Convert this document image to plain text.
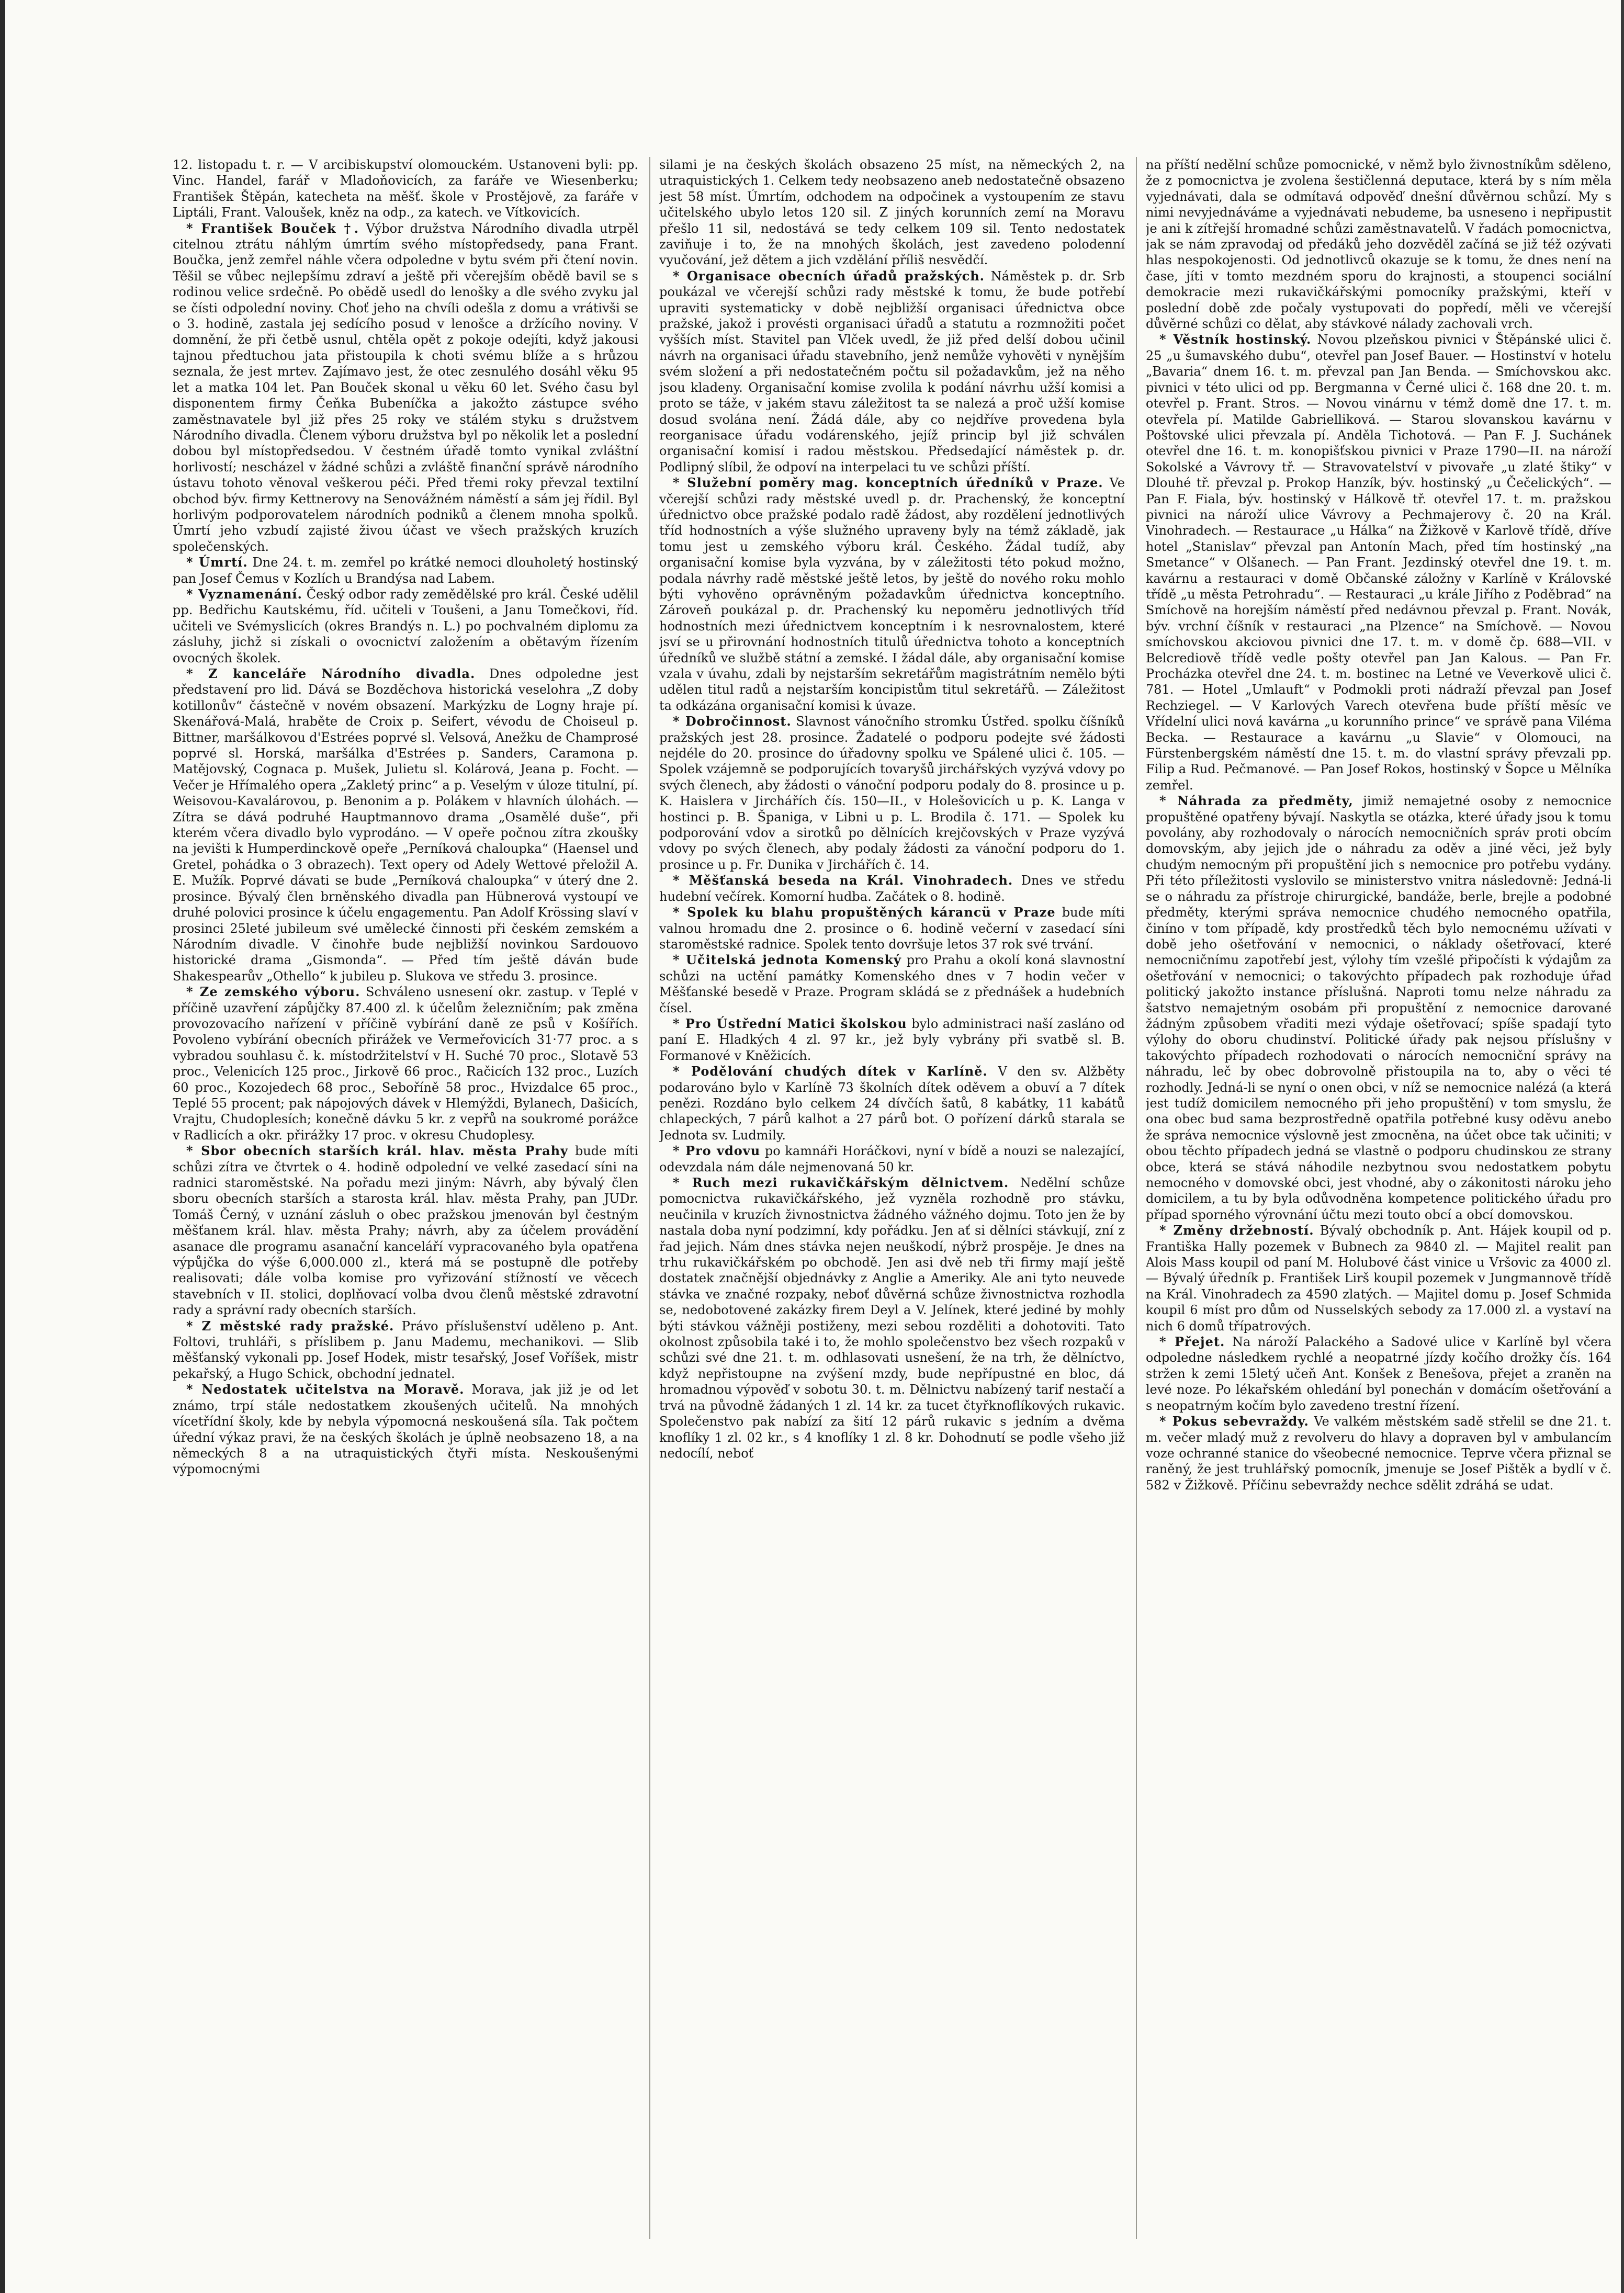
12. listopadu t. r. — V arcibiskupství olomouckém. Ustanoveni byli: pp. Vinc. Handel, farář v Mladoňovicích, za faráře ve Wiesenberku; František Štěpán, katecheta na měšť. škole v Prostějově, za faráře v Liptáli, Frant. Valoušek, kněz na odp., za katech. ve Vítkovicích.

* František Bouček †. Výbor družstva Národního divadla utrpěl citelnou ztrátu náhlým úmrtím svého místopředsedy, pana Frant. Boučka, jenž zemřel náhle včera odpoledne v bytu svém při čtení novin. Těšil se vůbec nejlepšímu zdraví a ještě při včerejším obědě bavil se s rodinou velice srdečně. Po obědě usedl do lenošky a dle svého zvyku jal se čísti odpolední noviny. Choť jeho na chvíli odešla z domu a vrátivši se o 3. hodině, zastala jej sedícího posud v lenošce a držícího noviny. V domnění, že při četbě usnul, chtěla opět z pokoje odejíti, když jakousi tajnou předtuchou jata přistoupila k choti svému blíže a s hrůzou seznala, že jest mrtev. Zajímavo jest, že otec zesnulého dosáhl věku 95 let a matka 104 let. Pan Bouček skonal u věku 60 let. Svého času byl disponentem firmy Čeňka Bubeníčka a jakožto zástupce svého zaměstnavatele byl již přes 25 roky ve stálém styku s družstvem Národního divadla. Členem výboru družstva byl po několik let a poslední dobou byl místopředsedou. V čestném úřadě tomto vynikal zvláštní horlivostí; nescházel v žádné schůzi a zvláště finanční správě národního ústavu tohoto věnoval veškerou péči. Před třemi roky převzal textilní obchod býv. firmy Kettnerovy na Senovážném náměstí a sám jej řídil. Byl horlivým podporovatelem národních podniků a členem mnoha spolků. Úmrtí jeho vzbudí zajisté živou účast ve všech pražských kruzích společenských.

* Úmrtí. Dne 24. t. m. zemřel po krátké nemoci dlouholetý hostinský pan Josef Čemus v Kozlích u Brandýsa nad Labem.

* Vyznamenání. Český odbor rady zemědělské pro král. České udělil pp. Bedřichu Kautskému, říd. učiteli v Toušeni, a Janu Tomečkovi, říd. učiteli ve Svémyslicích (okres Brandýs n. L.) po pochvalném diplomu za zásluhy, jichž si získali o ovocnictví založením a obětavým řízením ovocných školek.

* Z kanceláře Národního divadla. Dnes odpoledne jest představení pro lid. Dává se Bozděchova historická veselohra „Z doby kotillonův“ částečně v novém obsazení. Markýzku de Logny hraje pí. Skenářová-Malá, hraběte de Croix p. Seifert, vévodu de Choiseul p. Bittner, maršálkovou d'Estrées poprvé sl. Velsová, Anežku de Champrosé poprvé sl. Horská, maršálka d'Estrées p. Sanders, Caramona p. Matějovský, Cognaca p. Mušek, Julietu sl. Kolárová, Jeana p. Focht. — Večer je Hřímalého opera „Zakletý princ“ a p. Veselým v úloze titulní, pí. Weisovou-Kavalárovou, p. Benonim a p. Polákem v hlavních úlohách. — Zítra se dává podruhé Hauptmannovo drama „Osamělé duše“, při kterém včera divadlo bylo vyprodáno. — V opeře počnou zítra zkoušky na jevišti k Humperdinckově opeře „Perníková chaloupka“ (Haensel und Gretel, pohádka o 3 obrazech). Text opery od Adely Wettové přeložil A. E. Mužík. Poprvé dávati se bude „Perníková chaloupka“ v úterý dne 2. prosince. Bývalý člen brněnského divadla pan Hübnerová vystoupí ve druhé polovici prosince k účelu engagementu. Pan Adolf Krössing slaví v prosinci 25leté jubileum své umělecké činnosti při českém zemském a Národním divadle. V činohře bude nejbližší novinkou Sardouovo historické drama „Gismonda“. — Před tím ještě dáván bude Shakespearův „Othello“ k jubileu p. Slukova ve středu 3. prosince.

* Ze zemského výboru. Schváleno usnesení okr. zastup. v Teplé v příčině uzavření zápůjčky 87.400 zl. k účelům železničním; pak změna provozovacího nařízení v příčině vybírání daně ze psů v Košířích. Povoleno vybírání obecních přirážek ve Vermeřovicích 31·77 proc. a s vybradou souhlasu č. k. místodržitelství v H. Suché 70 proc., Slotavě 53 proc., Velenicích 125 proc., Jirkově 66 proc., Račicích 132 proc., Luzích 60 proc., Kozojedech 68 proc., Seboříně 58 proc., Hvizdalce 65 proc., Teplé 55 procent; pak nápojových dávek v Hlemýždi, Bylanech, Dašicích, Vrajtu, Chudoplesích; konečně dávku 5 kr. z vepřů na soukromé porážce v Radlicích a okr. přirážky 17 proc. v okresu Chudoplesy.

* Sbor obecních starších král. hlav. města Prahy bude míti schůzi zítra ve čtvrtek o 4. hodině odpolední ve velké zasedací síni na radnici staroměstské. Na pořadu mezi jiným: Návrh, aby bývalý člen sboru obecních starších a starosta král. hlav. města Prahy, pan JUDr. Tomáš Černý, v uznání zásluh o obec pražskou jmenován byl čestným měšťanem král. hlav. města Prahy; návrh, aby za účelem provádění asanace dle programu asanační kanceláří vypracovaného byla opatřena výpůjčka do výše 6,000.000 zl., která má se postupně dle potřeby realisovati; dále volba komise pro vyřizování stížností ve věcech stavebních v II. stolici, doplňovací volba dvou členů městské zdravotní rady a správní rady obecních starších.

* Z městské rady pražské. Právo příslušenství uděleno p. Ant. Foltovi, truhláři, s příslibem p. Janu Mademu, mechanikovi. — Slib měšťanský vykonali pp. Josef Hodek, mistr tesařský, Josef Voříšek, mistr pekařský, a Hugo Schick, obchodní jednatel.

* Nedostatek učitelstva na Moravě. Morava, jak již je od let známo, trpí stále nedostatkem zkoušených učitelů. Na mnohých vícetřídní školy, kde by nebyla výpomocná neskoušená síla. Tak počtem úřední výkaz pravi, že na českých školách je úplně neobsazeno 18, a na německých 8 a na utraquistických čtyři místa. Neskoušenými výpomocnými

silami je na českých školách obsazeno 25 míst, na německých 2, na utraquistických 1. Celkem tedy neobsazeno aneb nedostatečně obsazeno jest 58 míst. Úmrtím, odchodem na odpočinek a vystoupením ze stavu učitelského ubylo letos 120 sil. Z jiných korunních zemí na Moravu přešlo 11 sil, nedostává se tedy celkem 109 sil. Tento nedostatek zaviňuje i to, že na mnohých školách, jest zavedeno polodenní vyučování, jež dětem a jich vzdělání příliš nesvědčí.

* Organisace obecních úřadů pražských. Náměstek p. dr. Srb poukázal ve včerejší schůzi rady městské k tomu, že bude potřebí upraviti systematicky v době nejbližší organisaci úřednictva obce pražské, jakož i provésti organisaci úřadů a statutu a rozmnožiti počet vyšších míst. Stavitel pan Vlček uvedl, že již před delší dobou učinil návrh na organisaci úřadu stavebního, jenž nemůže vyhověti v nynějším svém složení a při nedostatečném počtu sil požadavkům, jež na něho jsou kladeny. Organisační komise zvolila k podání návrhu užší komisi a proto se táže, v jakém stavu záležitost ta se nalezá a proč užší komise dosud svolána není. Žádá dále, aby co nejdříve provedena byla reorganisace úřadu vodárenského, jejíž princip byl již schválen organisační komisí i radou městskou. Předsedající náměstek p. dr. Podlipný slíbil, že odpoví na interpelaci tu ve schůzi příští.

* Služební poměry mag. konceptních úředníků v Praze. Ve včerejší schůzi rady městské uvedl p. dr. Prachenský, že konceptní úřednictvo obce pražské podalo radě žádost, aby rozdělení jednotlivých tříd hodnostních a výše služného upraveny byly na témž základě, jak tomu jest u zemského výboru král. Českého. Žádal tudíž, aby organisační komise byla vyzvána, by v záležitosti této pokud možno, podala návrhy radě městské ještě letos, by ještě do nového roku mohlo býti vyhověno oprávněným požadavkům úřednictva konceptního. Zároveň poukázal p. dr. Prachenský ku nepoměru jednotlivých tříd hodnostních mezi úřednictvem konceptním i k nesrovnalostem, které jsví se u přirovnání hodnostních titulů úřednictva tohoto a konceptních úředníků ve službě státní a zemské. I žádal dále, aby organisační komise vzala v úvahu, zdali by nejstarším sekretářům magistrátním nemělo býti udělen titul radů a nejstarším koncipistům titul sekretářů. — Záležitost ta odkázána organisační komisi k úvaze.

* Dobročinnost. Slavnost vánočního stromku Ústřed. spolku číšníků pražských jest 28. prosince. Žadatelé o podporu podejte své žádosti nejdéle do 20. prosince do úřadovny spolku ve Spálené ulici č. 105. — Spolek vzájemně se podporujících tovaryšů jirchářských vyzývá vdovy po svých členech, aby žádosti o vánoční podporu podaly do 8. prosince u p. K. Haislera v Jirchářích čís. 150—II., v Holešovicích u p. K. Langa v hostinci p. B. Španiga, v Libni u p. L. Brodila č. 171. — Spolek ku podporování vdov a sirotků po dělnících krejčovských v Praze vyzývá vdovy po svých členech, aby podaly žádosti za vánoční podporu do 1. prosince u p. Fr. Dunika v Jirchářích č. 14.

* Měšťanská beseda na Král. Vinohradech. Dnes ve středu hudební večírek. Komorní hudba. Začátek o 8. hodině.

* Spolek ku blahu propuštěných kárancü v Praze bude míti valnou hromadu dne 2. prosince o 6. hodině večerní v zasedací síni staroměstské radnice. Spolek tento dovršuje letos 37 rok své trvání.

* Učitelská jednota Komenský pro Prahu a okolí koná slavnostní schůzi na uctění památky Komenského dnes v 7 hodin večer v Měšťanské besedě v Praze. Program skládá se z přednášek a hudebních čísel.

* Pro Ústřední Matici školskou bylo administraci naší zasláno od paní E. Hladkých 4 zl. 97 kr., jež byly vybrány při svatbě sl. B. Formanové v Kněžicích.

* Podělování chudých dítek v Karlíně. V den sv. Alžběty podarováno bylo v Karlíně 73 školních dítek oděvem a obuví a 7 dítek penězi. Rozdáno bylo celkem 24 dívčích šatů, 8 kabátky, 11 kabátů chlapeckých, 7 párů kalhot a 27 párů bot. O pořízení dárků starala se Jednota sv. Ludmily.

* Pro vdovu po kamnáři Horáčkovi, nyní v bídě a nouzi se nalezající, odevzdala nám dále nejmenovaná 50 kr.

* Ruch mezi rukavičkářským dělnictvem. Nedělní schůze pomocnictva rukavičkářského, jež vyzněla rozhodně pro stávku, neučinila v kruzích živnostnictva žádného vážného dojmu. Toto jen že by nastala doba nyní podzimní, kdy pořádku. Jen ať si dělníci stávkují, zní z řad jejich. Nám dnes stávka nejen neuškodí, nýbrž prospěje. Je dnes na trhu rukavičkářském po obchodě. Jen asi dvě neb tři firmy mají ještě dostatek značnější objednávky z Anglie a Ameriky. Ale ani tyto neuvede stávka ve značné rozpaky, neboť důvěrná schůze živnostnictva rozhodla se, nedobotovené zakázky firem Deyl a V. Jelínek, které jediné by mohly býti stávkou vážněji postiženy, mezi sebou rozděliti a dohotoviti. Tato okolnost způsobila také i to, že mohlo společenstvo bez všech rozpaků v schůzi své dne 21. t. m. odhlasovati usnešení, že na trh, že dělníctvo, když nepřistoupne na zvýšení mzdy, bude nepřípustné en bloc, dá hromadnou výpověď v sobotu 30. t. m. Dělnictvu nabízený tarif nestačí a trvá na původně žádaných 1 zl. 14 kr. za tucet čtyřknoflíkových rukavic. Společenstvo pak nabízí za šití 12 párů rukavic s jedním a dvěma knoflíky 1 zl. 02 kr., s 4 knoflíky 1 zl. 8 kr. Dohodnutí se podle všeho již nedocílí, neboť

na příští nedělní schůze pomocnické, v němž bylo živnostníkům sděleno, že z pomocnictva je zvolena šestičlenná deputace, která by s ním měla vyjednávati, dala se odmítavá odpověď dnešní důvěrnou schůzí. My s nimi nevyjednáváme a vyjednávati nebudeme, ba usneseno i nepřipustit je ani k zítřejší hromadné schůzi zaměstnavatelů. V řadách pomocnictva, jak se nám zpravodaj od předáků jeho dozvěděl začíná se již též ozývati hlas nespokojenosti. Od jednotlivců okazuje se k tomu, že dnes není na čase, jíti v tomto mezdném sporu do krajnosti, a stoupenci sociální demokracie mezi rukavičkářskými pomocníky pražskými, kteří v poslední době zde počaly vystupovati do popředí, měli ve včerejší důvěrné schůzi co dělat, aby stávkové nálady zachovali vrch.

* Věstník hostinský. Novou plzeňskou pivnici v Štěpánské ulici č. 25 „u šumavského dubu“, otevřel pan Josef Bauer. — Hostinství v hotelu „Bavaria“ dnem 16. t. m. převzal pan Jan Benda. — Smíchovskou akc. pivnici v této ulici od pp. Bergmanna v Černé ulici č. 168 dne 20. t. m. otevřel p. Frant. Stros. — Novou vinárnu v témž domě dne 17. t. m. otevřela pí. Matilde Gabrielliková. — Starou slovanskou kavárnu v Poštovské ulici převzala pí. Anděla Tichotová. — Pan F. J. Suchánek otevřel dne 16. t. m. konopišťskou pivnici v Praze 1790—II. na nároží Sokolské a Vávrovy tř. — Stravovatelství v pivovaře „u zlaté štiky“ v Dlouhé tř. převzal p. Prokop Hanzík, býv. hostinský „u Čečelických“. — Pan F. Fiala, býv. hostinský v Hálkově tř. otevřel 17. t. m. pražskou pivnici na nároží ulice Vávrovy a Pechmajerovy č. 20 na Král. Vinohradech. — Restaurace „u Hálka“ na Žižkově v Karlově třídě, dříve hotel „Stanislav“ převzal pan Antonín Mach, před tím hostinský „na Smetance“ v Olšanech. — Pan Frant. Jezdinský otevřel dne 19. t. m. kavárnu a restauraci v domě Občanské záložny v Karlíně v Královské třídě „u města Petrohradu“. — Restauraci „u krále Jiřího z Poděbrad“ na Smíchově na horejším náměstí před nedávnou převzal p. Frant. Novák, býv. vrchní číšník v restauraci „na Plzence“ na Smíchově. — Novou smíchovskou akciovou pivnici dne 17. t. m. v domě čp. 688—VII. v Belcrediově třídě vedle pošty otevřel pan Jan Kalous. — Pan Fr. Procházka otevřel dne 24. t. m. bostinec na Letné ve Veverkově ulici č. 781. — Hotel „Umlauft“ v Podmokli proti nádraží převzal pan Josef Rechziegel. — V Karlových Varech otevřena bude příští měsíc ve Vřídelní ulici nová kavárna „u korunního prince“ ve správě pana Viléma Becka. — Restaurace a kavárnu „u Slavie“ v Olomouci, na Fürstenbergském náměstí dne 15. t. m. do vlastní správy převzali pp. Filip a Rud. Pečmanové. — Pan Josef Rokos, hostinský v Šopce u Mělníka zemřel.

* Náhrada za předměty, jimiž nemajetné osoby z nemocnice propuštěné opatřeny bývají. Naskytla se otázka, které úřady jsou k tomu povolány, aby rozhodovaly o nárocích nemocničních správ proti obcím domovským, aby jejich jde o náhradu za oděv a jiné věci, jež byly chudým nemocným při propuštění jich s nemocnice pro potřebu vydány. Při této příležitosti vyslovilo se ministerstvo vnitra následovně: Jedná-li se o náhradu za přístroje chirurgické, bandáže, berle, brejle a podobné předměty, kterými správa nemocnice chudého nemocného opatřila, činíno v tom případě, kdy prostředků těch bylo nemocnému užívati v době jeho ošetřování v nemocnici, o náklady ošetřovací, které nemocničnímu zapotřebí jest, výlohy tím vzešlé připočísti k výdajům za ošetřování v nemocnici; o takovýchto případech pak rozhoduje úřad politický jakožto instance příslušná. Naproti tomu nelze náhradu za šatstvo nemajetným osobám při propuštění z nemocnice darované žádným způsobem vřaditi mezi výdaje ošetřovací; spíše spadají tyto výlohy do oboru chudinství. Politické úřady pak nejsou příslušny v takovýchto případech rozhodovati o nárocích nemocniční správy na náhradu, leč by obec dobrovolně přistoupila na to, aby o věci té rozhodly. Jedná-li se nyní o onen obci, v níž se nemocnice nalézá (a která jest tudíž domicilem nemocného při jeho propuštění) v tom smyslu, že ona obec bud sama bezprostředně opatřila potřebné kusy oděvu anebo že správa nemocnice výslovně jest zmocněna, na účet obce tak učiniti; v obou těchto případech jedná se vlastně o podporu chudinskou ze strany obce, která se stává náhodile nezbytnou svou nedostatkem pobytu nemocného v domovské obci, jest vhodné, aby o zákonitosti nároku jeho domicilem, a tu by byla odůvodněna kompetence politického úřadu pro případ sporného výrovnání účtu mezi touto obcí a obcí domovskou.

* Změny držebností. Bývalý obchodník p. Ant. Hájek koupil od p. Františka Hally pozemek v Bubnech za 9840 zl. — Majitel realit pan Alois Mass koupil od paní M. Holubové část vinice u Vršovic za 4000 zl. — Bývalý úředník p. František Lirš koupil pozemek v Jungmannově třídě na Král. Vinohradech za 4590 zlatých. — Majitel domu p. Josef Schmida koupil 6 míst pro dům od Nusselských sebody za 17.000 zl. a vystaví na nich 6 domů třípatrových.

* Přejet. Na nároží Palackého a Sadové ulice v Karlíně byl včera odpoledne následkem rychlé a neopatrné jízdy kočího drožky čís. 164 stržen k zemi 15letý učeň Ant. Konšek z Benešova, přejet a zraněn na levé noze. Po lékařském ohledání byl ponechán v domácím ošetřování a s neopatrným kočím bylo zavedeno trestní řízení.

* Pokus sebevraždy. Ve valkém městském sadě střelil se dne 21. t. m. večer mladý muž z revolveru do hlavy a dopraven byl v ambulancím voze ochranné stanice do všeobecné nemocnice. Teprve včera přiznal se raněný, že jest truhlářský pomocník, jmenuje se Josef Pištěk a bydlí v č. 582 v Žižkově. Příčinu sebevraždy nechce sdělit zdráhá se udat.
